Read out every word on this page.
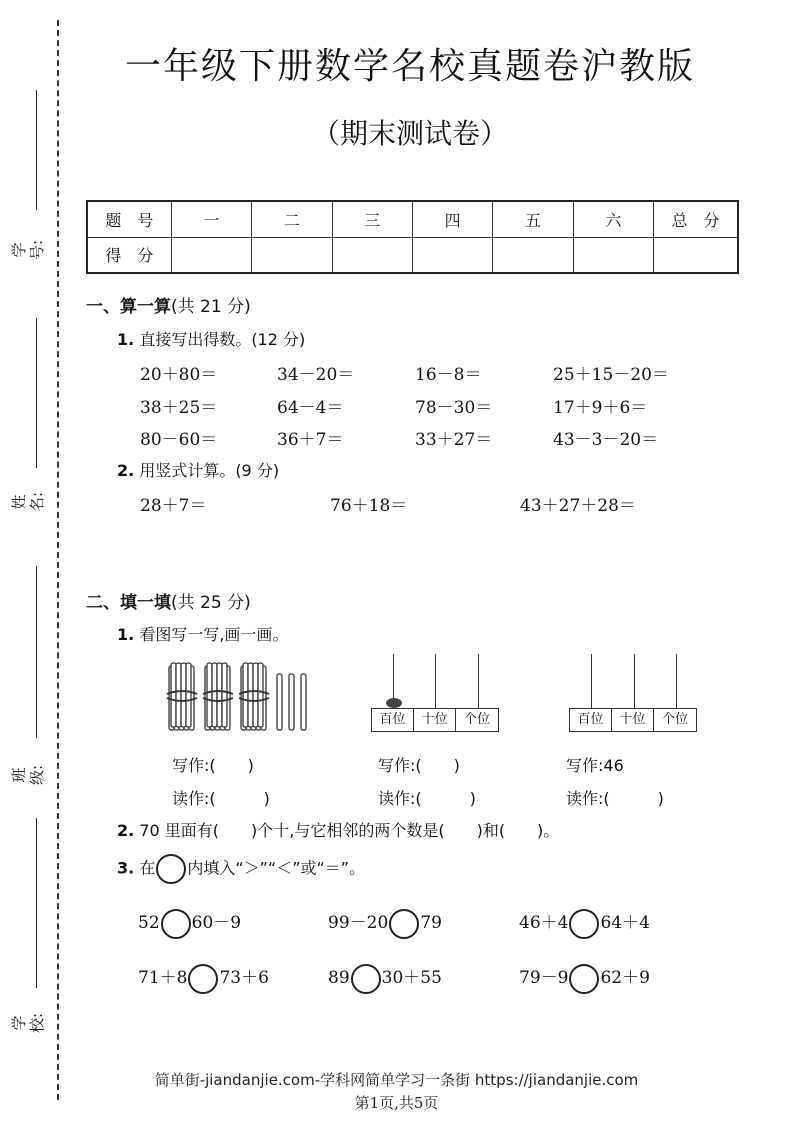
学号:
姓名:
班级:
学校:
一年级下册数学名校真题卷沪教版
（期末测试卷）
题　号	一	二	三	四	五	六	总　分
得　分							
一、算一算(共 21 分)
1. 直接写出得数。(12 分)
20＋80＝	34－20＝	16－8＝	25＋15－20＝
38＋25＝	64－4＝	78－30＝	17＋9＋6＝
80－60＝	36＋7＝	33＋27＝	43－3－20＝
2. 用竖式计算。(9 分)
28＋7＝	76＋18＝	43＋27＋28＝
二、填一填(共 25 分)
1. 看图写一写,画一画。
百位	十位	个位	百位	十位	个位
写作:(　　)
读作:(　　　)
写作:(　　)
读作:(　　　)
写作:46
读作:(　　　)
2. 70 里面有(　　)个十,与它相邻的两个数是(　　)和(　　)。
3. 在 内填入“＞”“＜”或“＝”。
52 60－9	99－20 79	46＋4 64＋4
71＋8 73＋6	89 30＋55	79－9 62＋9
简单街-jiandanjie.com-学科网简单学习一条街 https://jiandanjie.com
第1页,共5页
